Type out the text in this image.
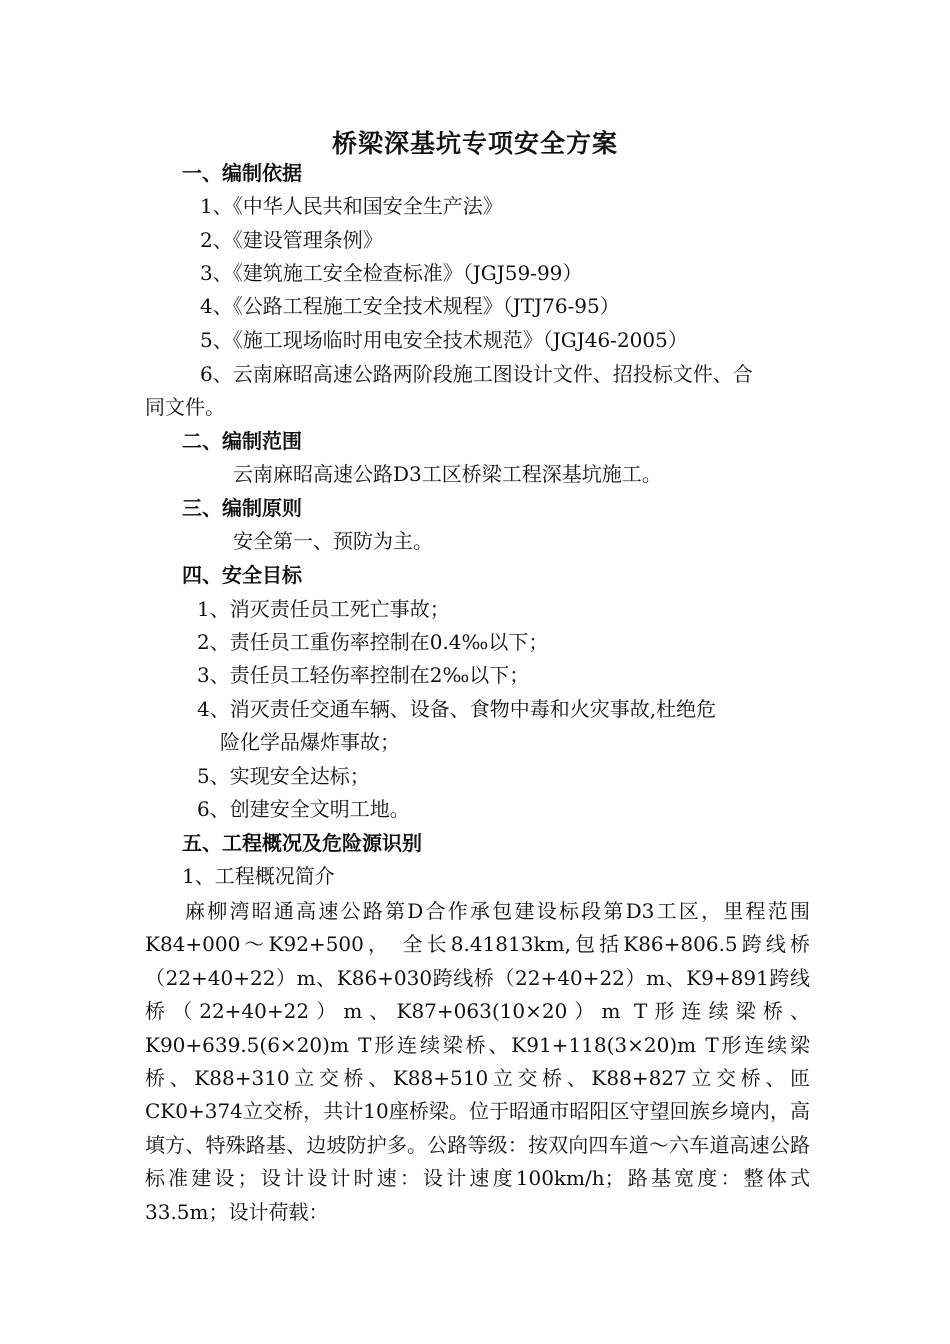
桥梁深基坑专项安全方案
一、编制依据
1、《中华人民共和国安全生产法》
2、《建设管理条例》
3、《建筑施工安全检查标准》（JGJ59-99）
4、《公路工程施工安全技术规程》（JTJ76-95）
5、《施工现场临时用电安全技术规范》（JGJ46-2005）
6、云南麻昭高速公路两阶段施工图设计文件、招投标文件、合
同文件。
二、编制范围
云南麻昭高速公路D3工区桥梁工程深基坑施工。
三、编制原则
安全第一、预防为主。
四、安全目标
1、消灭责任员工死亡事故；
2、责任员工重伤率控制在0.4‰以下；
3、责任员工轻伤率控制在2‰以下；
4、消灭责任交通车辆、设备、食物中毒和火灾事故,杜绝危
险化学品爆炸事故；
5、实现安全达标；
6、创建安全文明工地。
五、工程概况及危险源识别
1、工程概况简介
麻柳湾昭通高速公路第D合作承包建设标段第D3工区，里程范围K84+000～K92+500， 全长8.41813km,包括K86+806.5跨线桥（22+40+22）m、K86+030跨线桥（22+40+22）m、K9+891跨线桥（22+40+22）m、K87+063(10×20）m T形连续梁桥、K90+639.5(6×20)m T形连续梁桥、K91+118(3×20)m T形连续梁桥、K88+310立交桥、K88+510立交桥、K88+827立交桥、匝CK0+374立交桥，共计10座桥梁。位于昭通市昭阳区守望回族乡境内，高填方、特殊路基、边坡防护多。公路等级：按双向四车道～六车道高速公路标准建设；设计设计时速：设计速度100km/h；路基宽度：整体式33.5m；设计荷载：
